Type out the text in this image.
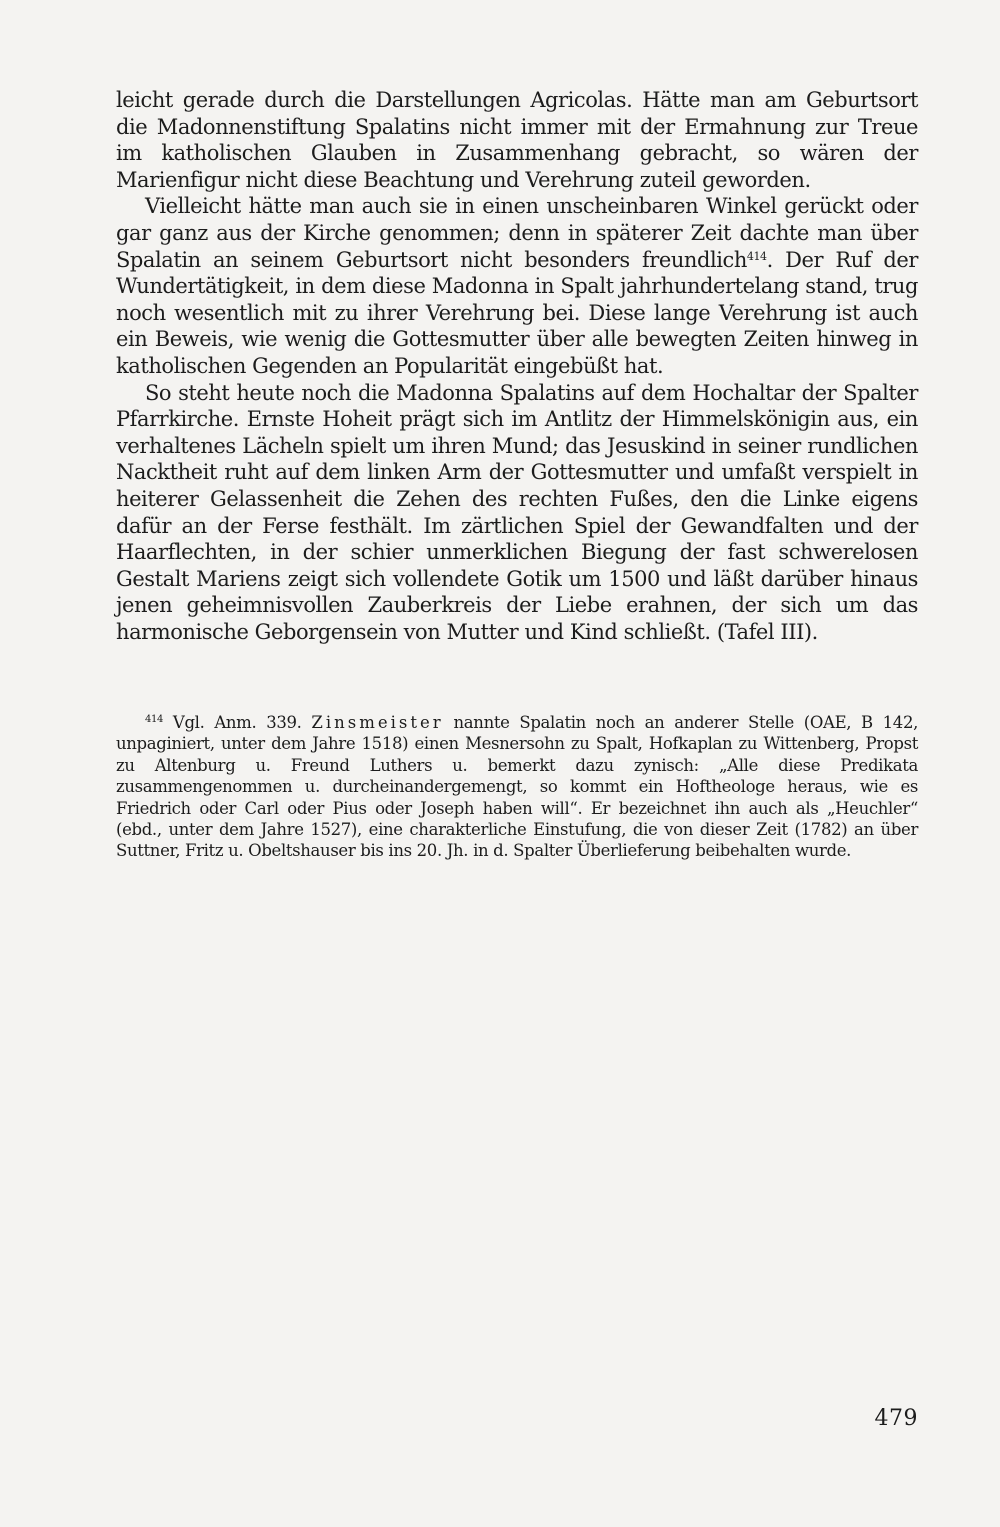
leicht gerade durch die Darstellungen Agricolas. Hätte man am Geburtsort die Madonnenstiftung Spalatins nicht immer mit der Ermahnung zur Treue im katholischen Glauben in Zusammenhang gebracht, so wären der Marienfigur nicht diese Beachtung und Verehrung zuteil geworden.

Vielleicht hätte man auch sie in einen unscheinbaren Winkel gerückt oder gar ganz aus der Kirche genommen; denn in späterer Zeit dachte man über Spalatin an seinem Geburtsort nicht besonders freundlich$^{414}$. Der Ruf der Wundertätigkeit, in dem diese Madonna in Spalt jahrhundertelang stand, trug noch wesentlich mit zu ihrer Verehrung bei. Diese lange Verehrung ist auch ein Beweis, wie wenig die Gottesmutter über alle bewegten Zeiten hinweg in katholischen Gegenden an Popularität eingebüßt hat.

So steht heute noch die Madonna Spalatins auf dem Hochaltar der Spalter Pfarrkirche. Ernste Hoheit prägt sich im Antlitz der Himmelskönigin aus, ein verhaltenes Lächeln spielt um ihren Mund; das Jesuskind in seiner rundlichen Nacktheit ruht auf dem linken Arm der Gottesmutter und umfaßt verspielt in heiterer Gelassenheit die Zehen des rechten Fußes, den die Linke eigens dafür an der Ferse festhält. Im zärtlichen Spiel der Gewandfalten und der Haarflechten, in der schier unmerklichen Biegung der fast schwerelosen Gestalt Mariens zeigt sich vollendete Gotik um 1500 und läßt darüber hinaus jenen geheimnisvollen Zauberkreis der Liebe erahnen, der sich um das harmonische Geborgensein von Mutter und Kind schließt. (Tafel III).

$^{414}$ Vgl. Anm. 339. Zinsmeister nannte Spalatin noch an anderer Stelle (OAE, B 142, unpaginiert, unter dem Jahre 1518) einen Mesnersohn zu Spalt, Hofkaplan zu Wittenberg, Propst zu Altenburg u. Freund Luthers u. bemerkt dazu zynisch: „Alle diese Predikata zusammengenommen u. durcheinandergemengt, so kommt ein Hoftheologe heraus, wie es Friedrich oder Carl oder Pius oder Joseph haben will“. Er bezeichnet ihn auch als „Heuchler“ (ebd., unter dem Jahre 1527), eine charakterliche Einstufung, die von dieser Zeit (1782) an über Suttner, Fritz u. Obeltshauser bis ins 20. Jh. in d. Spalter Überlieferung beibehalten wurde.

479
